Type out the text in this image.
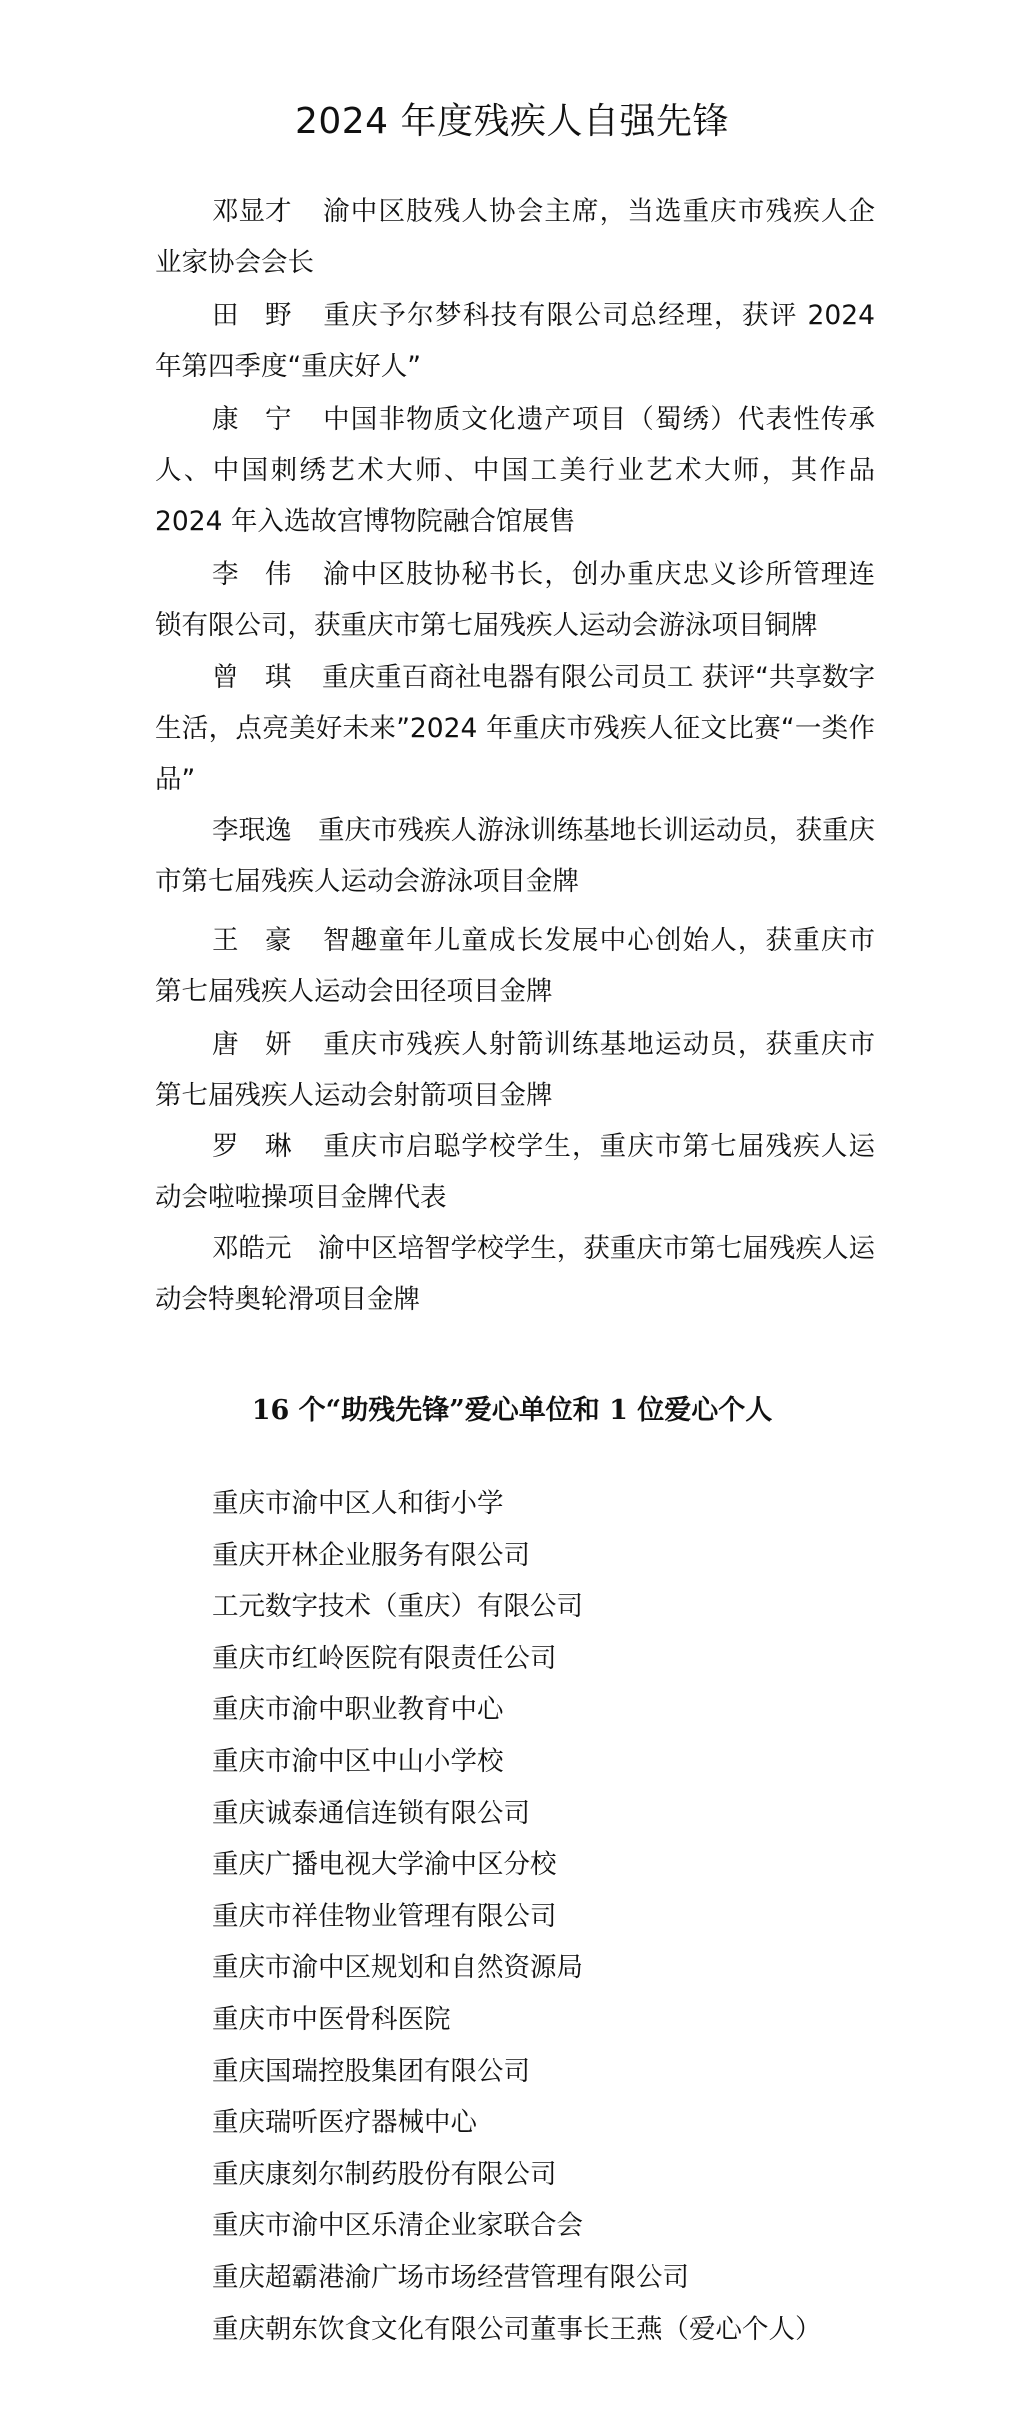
2024 年度残疾人自强先锋

邓显才 渝中区肢残人协会主席，当选重庆市残疾人企业家协会会长

田　野 重庆予尔梦科技有限公司总经理，获评 2024 年第四季度“重庆好人”

康　宁 中国非物质文化遗产项目（蜀绣）代表性传承人、中国刺绣艺术大师、中国工美行业艺术大师，其作品 2024 年入选故宫博物院融合馆展售

李　伟 渝中区肢协秘书长，创办重庆忠义诊所管理连锁有限公司，获重庆市第七届残疾人运动会游泳项目铜牌

曾　琪 重庆重百商社电器有限公司员工 获评“共享数字生活，点亮美好未来”2024 年重庆市残疾人征文比赛“一类作品”

李珉逸 重庆市残疾人游泳训练基地长训运动员，获重庆市第七届残疾人运动会游泳项目金牌

王　豪 智趣童年儿童成长发展中心创始人，获重庆市第七届残疾人运动会田径项目金牌

唐　妍 重庆市残疾人射箭训练基地运动员，获重庆市第七届残疾人运动会射箭项目金牌

罗　琳 重庆市启聪学校学生，重庆市第七届残疾人运动会啦啦操项目金牌代表

邓皓元 渝中区培智学校学生，获重庆市第七届残疾人运动会特奥轮滑项目金牌

16 个“助残先锋”爱心单位和 1 位爱心个人
重庆市渝中区人和街小学
重庆开林企业服务有限公司
工元数字技术（重庆）有限公司
重庆市红岭医院有限责任公司
重庆市渝中职业教育中心
重庆市渝中区中山小学校
重庆诚泰通信连锁有限公司
重庆广播电视大学渝中区分校
重庆市祥佳物业管理有限公司
重庆市渝中区规划和自然资源局
重庆市中医骨科医院
重庆国瑞控股集团有限公司
重庆瑞听医疗器械中心
重庆康刻尔制药股份有限公司
重庆市渝中区乐清企业家联合会
重庆超霸港渝广场市场经营管理有限公司
重庆朝东饮食文化有限公司董事长王燕（爱心个人）
